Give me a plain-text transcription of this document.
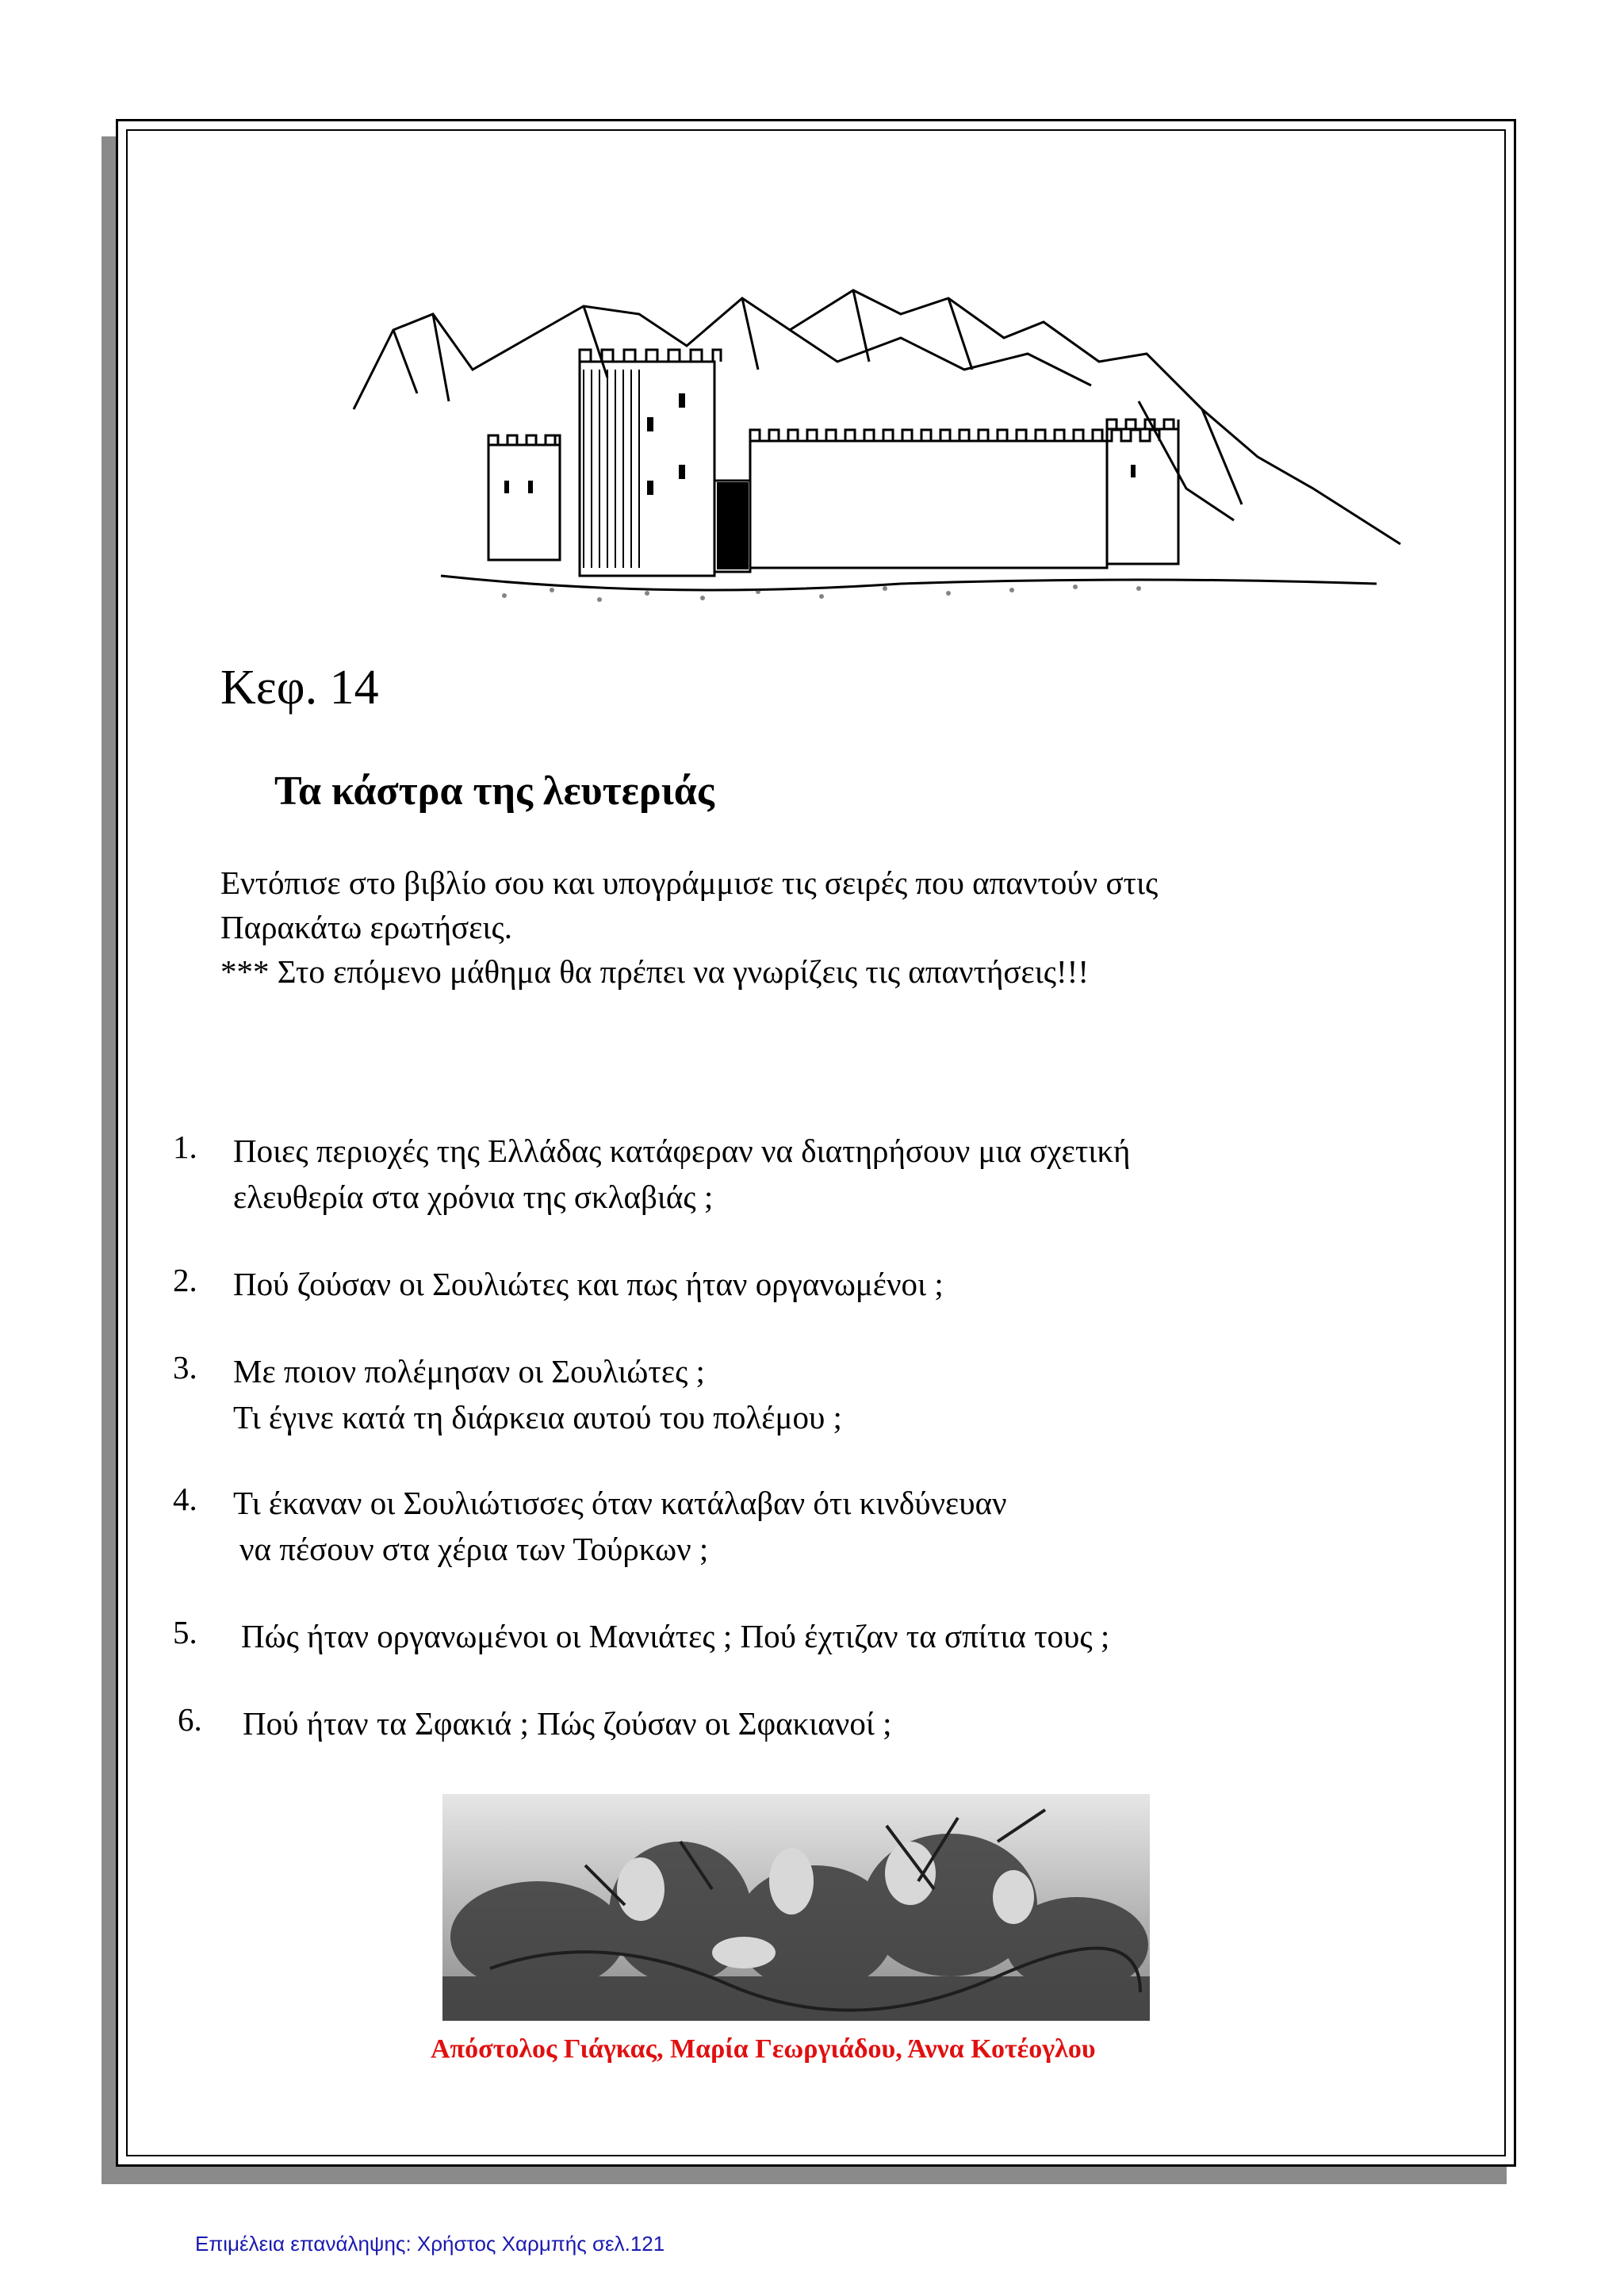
Κεφ. 14
Τα κάστρα της λευτεριάς
Εντόπισε στο βιβλίο σου και υπογράμμισε τις σειρές που απαντούν στις
Παρακάτω ερωτήσεις.
*** Στο επόμενο μάθημα θα πρέπει να γνωρίζεις τις απαντήσεις!!!
1. Ποιες περιοχές της Ελλάδας κατάφεραν να διατηρήσουν μια σχετική
ελευθερία στα χρόνια της σκλαβιάς ;
2. Πού ζούσαν οι Σουλιώτες και πως ήταν οργανωμένοι ;
3. Με ποιον πολέμησαν οι Σουλιώτες ;
Τι έγινε κατά τη διάρκεια αυτού του πολέμου ;
4. Τι έκαναν οι Σουλιώτισσες όταν κατάλαβαν ότι κινδύνευαν
να πέσουν στα χέρια των Τούρκων ;
5. Πώς ήταν οργανωμένοι οι Μανιάτες ; Πού έχτιζαν τα σπίτια τους ;
6. Πού ήταν τα Σφακιά ; Πώς ζούσαν οι Σφακιανοί ;
Απόστολος Γιάγκας, Μαρία Γεωργιάδου, Άννα Κοτέογλου
Επιμέλεια επανάληψης: Χρήστος Χαρμπής σελ.121
